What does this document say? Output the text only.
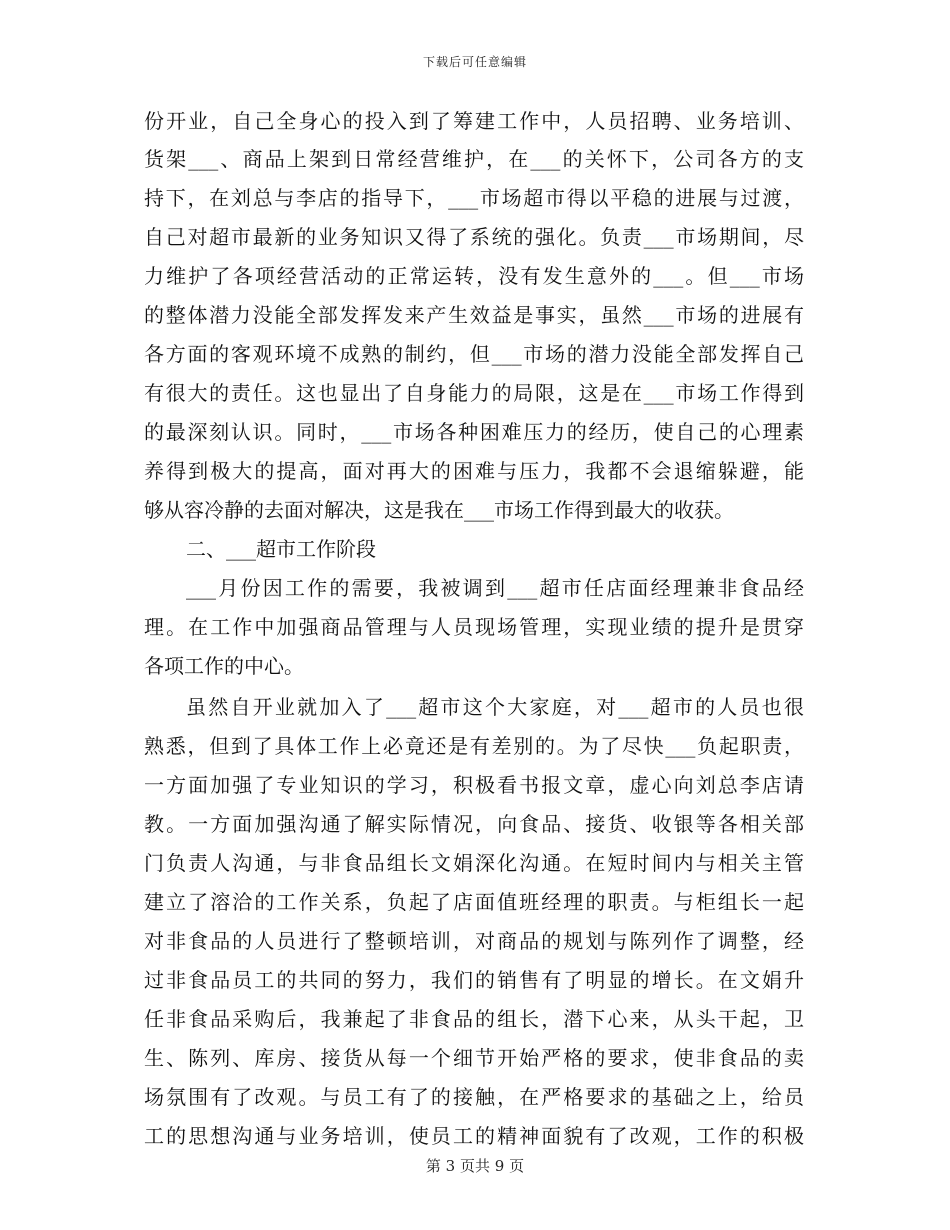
下载后可任意编辑
份开业，自己全身心的投入到了筹建工作中，人员招聘、业务培训、
货架___、商品上架到日常经营维护，在___的关怀下，公司各方的支
持下，在刘总与李店的指导下，___市场超市得以平稳的进展与过渡，
自己对超市最新的业务知识又得了系统的强化。负责___市场期间，尽
力维护了各项经营活动的正常运转，没有发生意外的___。但___市场
的整体潜力没能全部发挥发来产生效益是事实，虽然___市场的进展有
各方面的客观环境不成熟的制约，但___市场的潜力没能全部发挥自己
有很大的责任。这也显出了自身能力的局限，这是在___市场工作得到
的最深刻认识。同时，___市场各种困难压力的经历，使自己的心理素
养得到极大的提高，面对再大的困难与压力，我都不会退缩躲避，能
够从容冷静的去面对解决，这是我在___市场工作得到最大的收获。
二、___超市工作阶段
___月份因工作的需要，我被调到___超市任店面经理兼非食品经
理。在工作中加强商品管理与人员现场管理，实现业绩的提升是贯穿
各项工作的中心。
虽然自开业就加入了___超市这个大家庭，对___超市的人员也很
熟悉，但到了具体工作上必竟还是有差别的。为了尽快___负起职责，
一方面加强了专业知识的学习，积极看书报文章，虚心向刘总李店请
教。一方面加强沟通了解实际情况，向食品、接货、收银等各相关部
门负责人沟通，与非食品组长文娟深化沟通。在短时间内与相关主管
建立了溶洽的工作关系，负起了店面值班经理的职责。与柜组长一起
对非食品的人员进行了整顿培训，对商品的规划与陈列作了调整，经
过非食品员工的共同的努力，我们的销售有了明显的增长。在文娟升
任非食品采购后，我兼起了非食品的组长，潜下心来，从头干起，卫
生、陈列、库房、接货从每一个细节开始严格的要求，使非食品的卖
场氛围有了改观。与员工有了的接触，在严格要求的基础之上，给员
工的思想沟通与业务培训，使员工的精神面貌有了改观，工作的积极
第 3 页共 9 页
